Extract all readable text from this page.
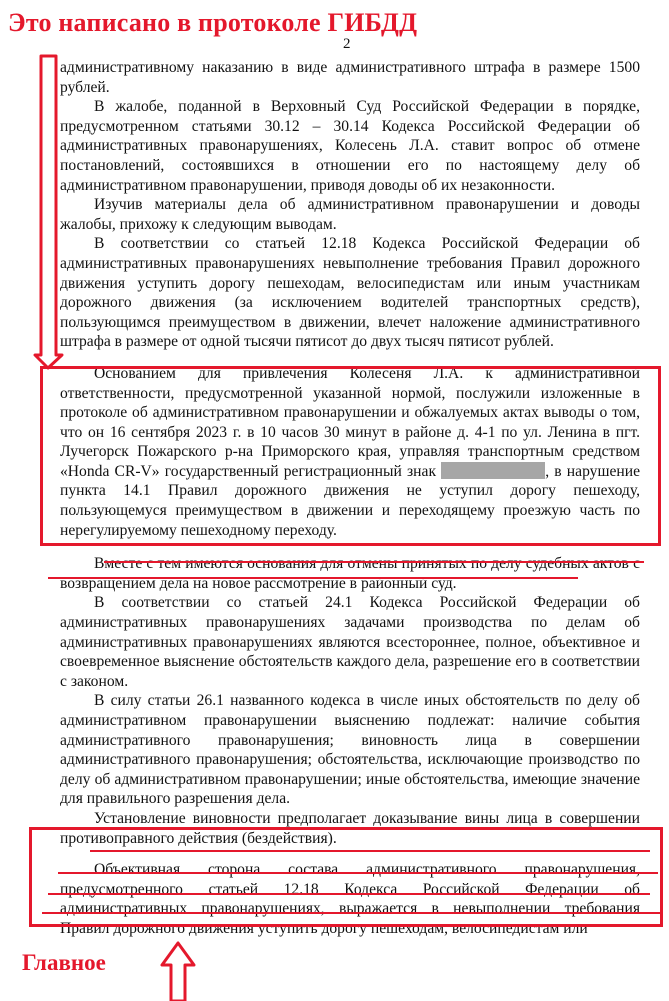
Это написано в протоколе ГИБДД
2

административному наказанию в виде административного штрафа в размере 1500 рублей.

В жалобе, поданной в Верховный Суд Российской Федерации в порядке, предусмотренном статьями 30.12 – 30.14 Кодекса Российской Федерации об административных правонарушениях, Колесень Л.А. ставит вопрос об отмене постановлений, состоявшихся в отношении его по настоящему делу об административном правонарушении, приводя доводы об их незаконности.

Изучив материалы дела об административном правонарушении и доводы жалобы, прихожу к следующим выводам.

В соответствии со статьей 12.18 Кодекса Российской Федерации об административных правонарушениях невыполнение требования Правил дорожного движения уступить дорогу пешеходам, велосипедистам или иным участникам дорожного движения (за исключением водителей транспортных средств), пользующимся преимуществом в движении, влечет наложение административного штрафа в размере от одной тысячи пятисот до двух тысяч пятисот рублей.

Основанием для привлечения Колесеня Л.А. к административной ответственности, предусмотренной указанной нормой, послужили изложенные в протоколе об административном правонарушении и обжалуемых актах выводы о том, что он 16 сентября 2023 г. в 10 часов 30 минут в районе д. 4-1 по ул. Ленина в пгт. Лучегорск Пожарского р-на Приморского края, управляя транспортным средством «Honda CR-V» государственный регистрационный знак	, в нарушение пункта 14.1 Правил дорожного движения не уступил дорогу пешеходу, пользующемуся преимуществом в движении и переходящему проезжую часть по нерегулируемому пешеходному переходу.

Вместе с тем имеются основания для отмены принятых по делу судебных актов с возвращением дела на новое рассмотрение в районный суд.

В соответствии со статьей 24.1 Кодекса Российской Федерации об административных правонарушениях задачами производства по делам об административных правонарушениях являются всестороннее, полное, объективное и своевременное выяснение обстоятельств каждого дела, разрешение его в соответствии с законом.

В силу статьи 26.1 названного кодекса в числе иных обстоятельств по делу об административном правонарушении выяснению подлежат: наличие события административного правонарушения; виновность лица в совершении административного правонарушения; обстоятельства, исключающие производство по делу об административном правонарушении; иные обстоятельства, имеющие значение для правильного разрешения дела.

Установление виновности предполагает доказывание вины лица в совершении противоправного действия (бездействия).

Объективная сторона состава административного правонарушения, предусмотренного статьей 12.18 Кодекса Российской Федерации об административных правонарушениях, выражается в невыполнении требования Правил дорожного движения уступить дорогу пешеходам, велосипедистам или

Главное
